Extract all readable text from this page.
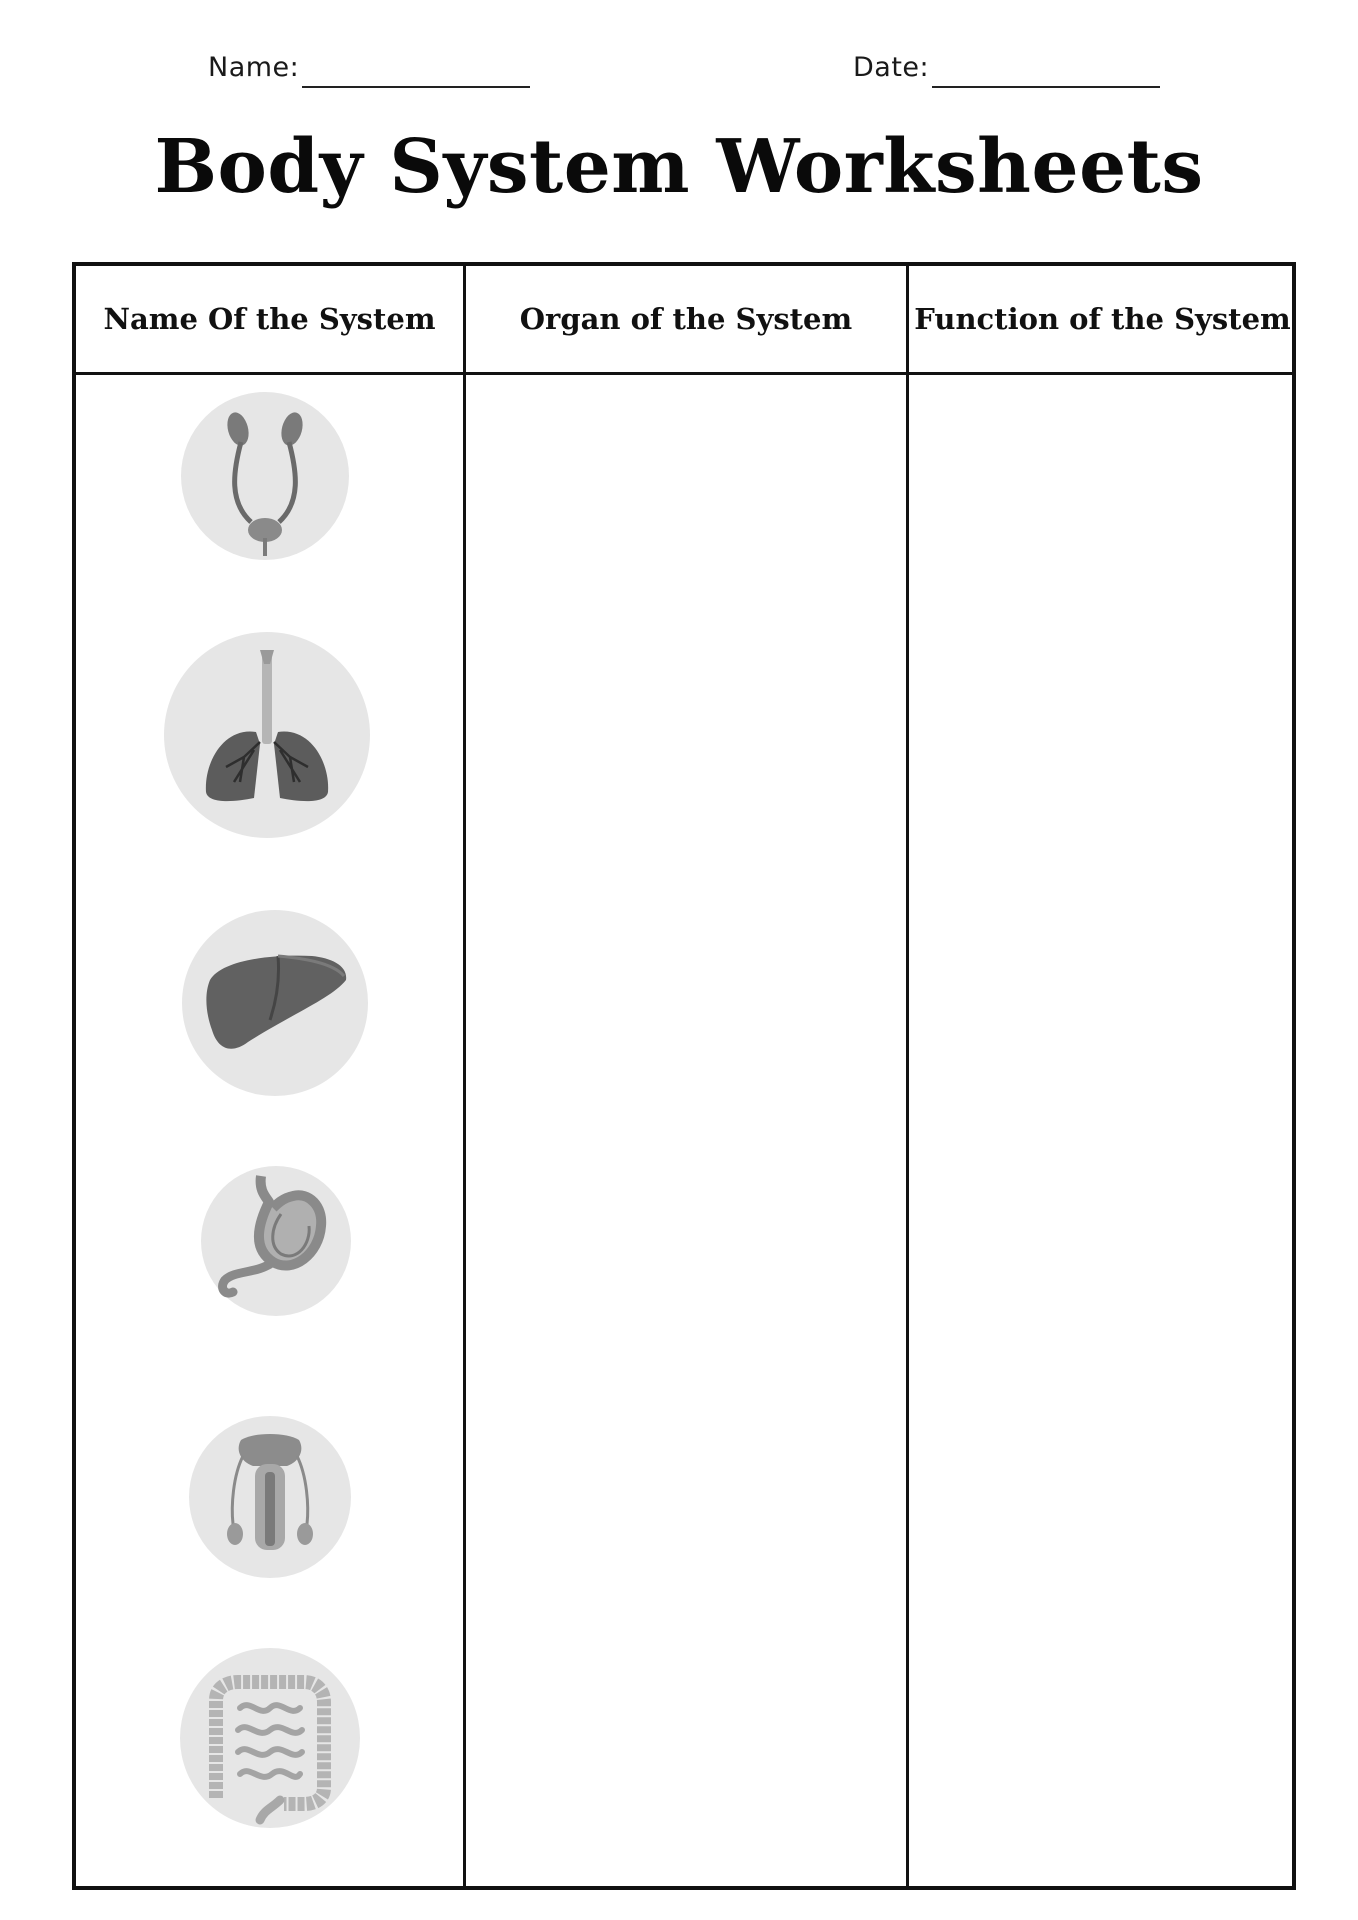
Name:	Date:
Body System Worksheets
Name Of the System	Organ of the System	Function of the System
